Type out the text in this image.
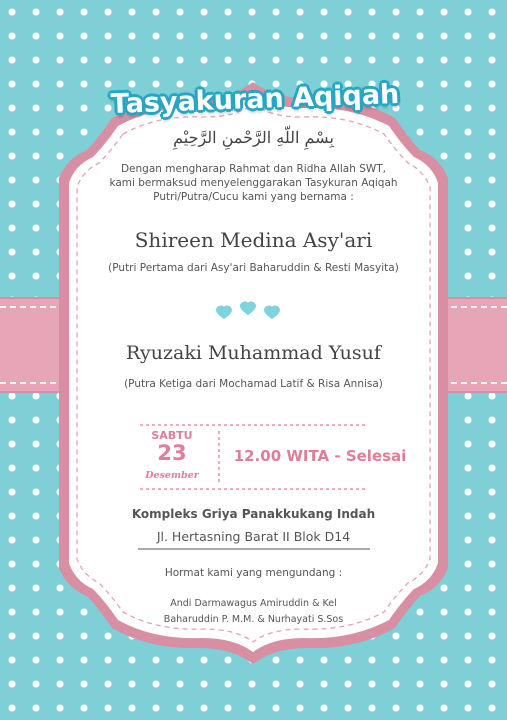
Tasyakuran Aqiqah
بِسْمِ اللّهِ الرَّحْمنِ الرَّحِيْمِ
Dengan mengharap Rahmat dan Ridha Allah SWT,
kami bermaksud menyelenggarakan Tasykuran Aqiqah
Putri/Putra/Cucu kami yang bernama :
Shireen Medina Asy'ari
(Putri Pertama dari Asy'ari Baharuddin & Resti Masyita)
Ryuzaki Muhammad Yusuf
(Putra Ketiga dari Mochamad Latif & Risa Annisa)
SABTU
23
Desember
12.00 WITA - Selesai
Kompleks Griya Panakkukang Indah
Jl. Hertasning Barat II Blok D14
Hormat kami yang mengundang :
Andi Darmawagus Amiruddin & Kel
Baharuddin P. M.M. & Nurhayati S.Sos
